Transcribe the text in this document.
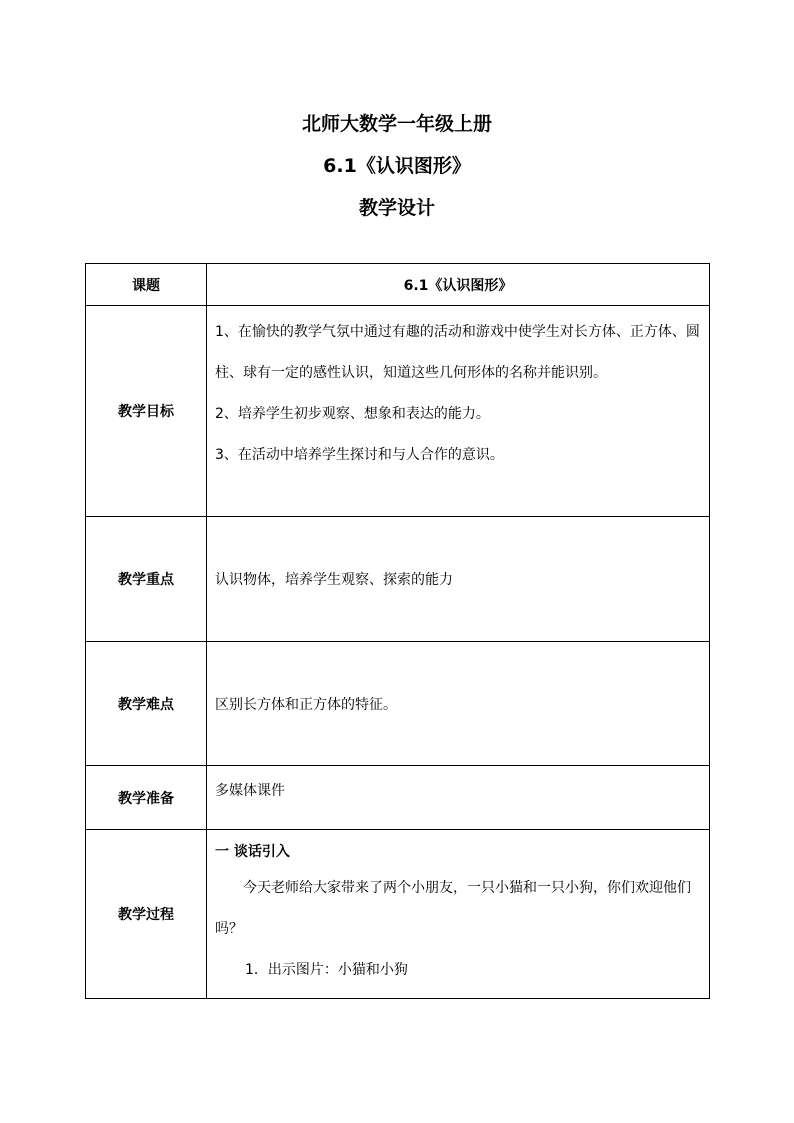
北师大数学一年级上册
6.1《认识图形》
教学设计
课题	6.1《认识图形》
教学目标	1、在愉快的教学气氛中通过有趣的活动和游戏中使学生对长方体、正方体、圆柱、球有一定的感性认识，知道这些几何形体的名称并能识别。
2、培养学生初步观察、想象和表达的能力。
3、在活动中培养学生探讨和与人合作的意识。

教学重点	认识物体，培养学生观察、探索的能力
教学难点	区别长方体和正方体的特征。
教学准备	多媒体课件
教学过程	一 谈话引入
今天老师给大家带来了两个小朋友，一只小猫和一只小狗，你们欢迎他们吗？
1．出示图片：小猫和小狗
